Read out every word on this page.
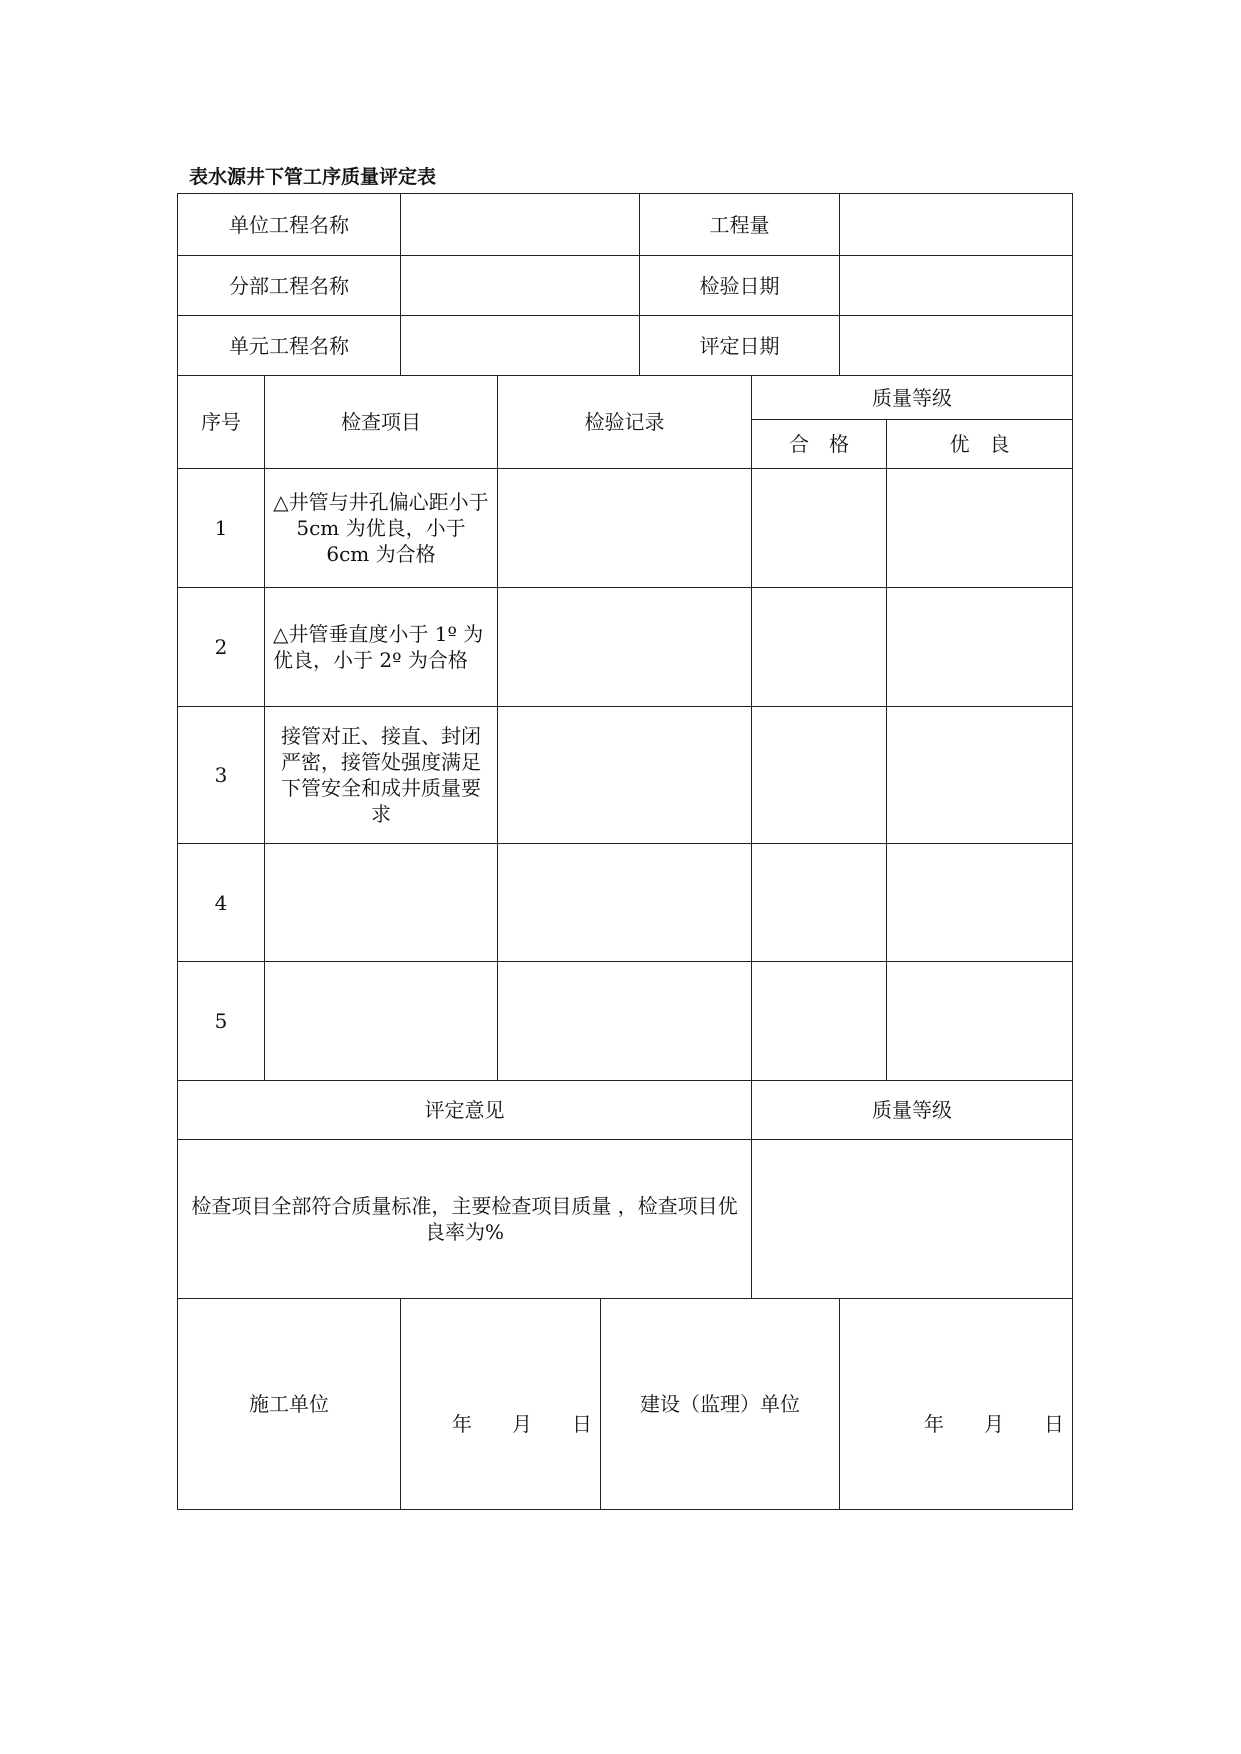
表水源井下管工序质量评定表
单位工程名称					工程量			
分部工程名称					检验日期			
单元工程名称					评定日期			
序号	检查项目		检验记录			质量等级		
						合　格		优　良
1	△井管与井孔偏心距小于 5cm 为优良，小于 6cm 为合格							

2	△井管垂直度小于 1º 为优良，小于 2º 为合格							
3	接管对正、接直、封闭严密，接管处强度满足下管安全和成井质量要求							

4								
5								
评定意见						质量等级		

检查项目全部符合质量标准，主要检查项目质量 ，检查项目优良率为%								

施工单位		年　　月　　日		建设（监理）单位			年　　月　　日	
